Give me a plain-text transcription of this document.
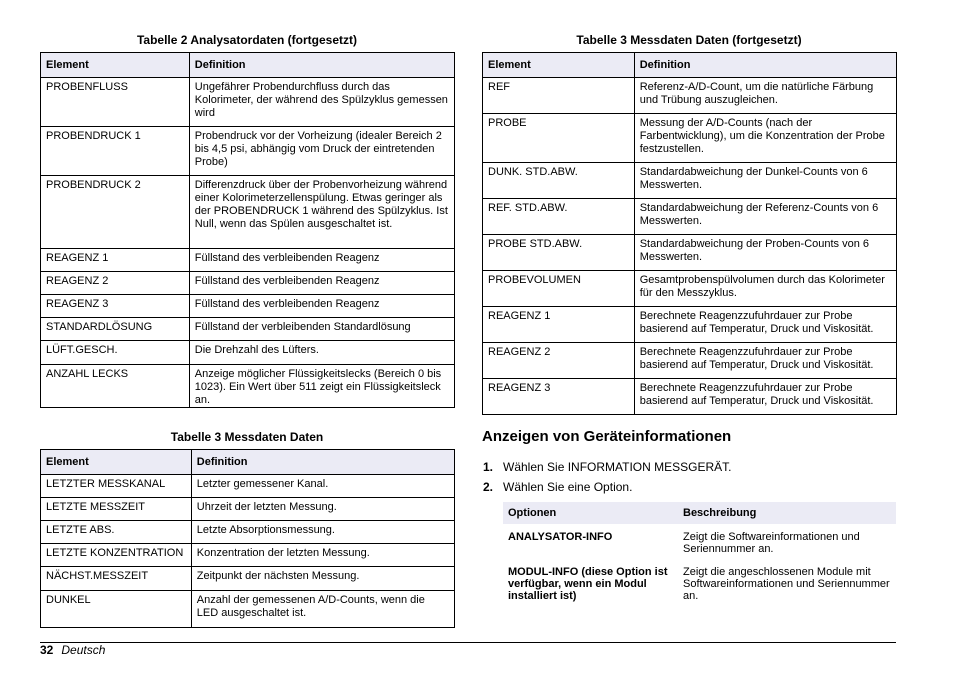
Tabelle 2 Analysatordaten (fortgesetzt)
Element	Definition
PROBENFLUSS	Ungefährer Probendurchfluss durch das Kolorimeter, der während des Spülzyklus gemessen wird
PROBENDRUCK 1	Probendruck vor der Vorheizung (idealer Bereich 2 bis 4,5 psi, abhängig vom Druck der eintretenden Probe)
PROBENDRUCK 2	Differenzdruck über der Probenvorheizung während einer Kolorimeterzellenspülung. Etwas geringer als der PROBENDRUCK 1 während des Spülzyklus. Ist Null, wenn das Spülen ausgeschaltet ist.
REAGENZ 1	Füllstand des verbleibenden Reagenz
REAGENZ 2	Füllstand des verbleibenden Reagenz
REAGENZ 3	Füllstand des verbleibenden Reagenz
STANDARDLÖSUNG	Füllstand der verbleibenden Standardlösung
LÜFT.GESCH.	Die Drehzahl des Lüfters.
ANZAHL LECKS	Anzeige möglicher Flüssigkeitslecks (Bereich 0 bis 1023). Ein Wert über 511 zeigt ein Flüssigkeitsleck an.
Tabelle 3 Messdaten Daten
Element	Definition
LETZTER MESSKANAL	Letzter gemessener Kanal.
LETZTE MESSZEIT	Uhrzeit der letzten Messung.
LETZTE ABS.	Letzte Absorptionsmessung.
LETZTE KONZENTRATION	Konzentration der letzten Messung.
NÄCHST.MESSZEIT	Zeitpunkt der nächsten Messung.
DUNKEL	Anzahl der gemessenen A/D-Counts, wenn die LED ausgeschaltet ist.
Tabelle 3 Messdaten Daten (fortgesetzt)
Element	Definition
REF	Referenz-A/D-Count, um die natürliche Färbung und Trübung auszugleichen.
PROBE	Messung der A/D-Counts (nach der Farbentwicklung), um die Konzentration der Probe festzustellen.
DUNK. STD.ABW.	Standardabweichung der Dunkel-Counts von 6 Messwerten.
REF. STD.ABW.	Standardabweichung der Referenz-Counts von 6 Messwerten.
PROBE STD.ABW.	Standardabweichung der Proben-Counts von 6 Messwerten.
PROBEVOLUMEN	Gesamtprobenspülvolumen durch das Kolorimeter für den Messzyklus.
REAGENZ 1	Berechnete Reagenzzufuhrdauer zur Probe basierend auf Temperatur, Druck und Viskosität.
REAGENZ 2	Berechnete Reagenzzufuhrdauer zur Probe basierend auf Temperatur, Druck und Viskosität.
REAGENZ 3	Berechnete Reagenzzufuhrdauer zur Probe basierend auf Temperatur, Druck und Viskosität.
Anzeigen von Geräteinformationen
1. Wählen Sie INFORMATION MESSGERÄT.
2. Wählen Sie eine Option.
Optionen	Beschreibung
ANALYSATOR-INFO	Zeigt die Softwareinformationen und Seriennummer an.
MODUL-INFO (diese Option ist verfügbar, wenn ein Modul installiert ist)	Zeigt die angeschlossenen Module mit Softwareinformationen und Seriennummer an.
32 Deutsch
